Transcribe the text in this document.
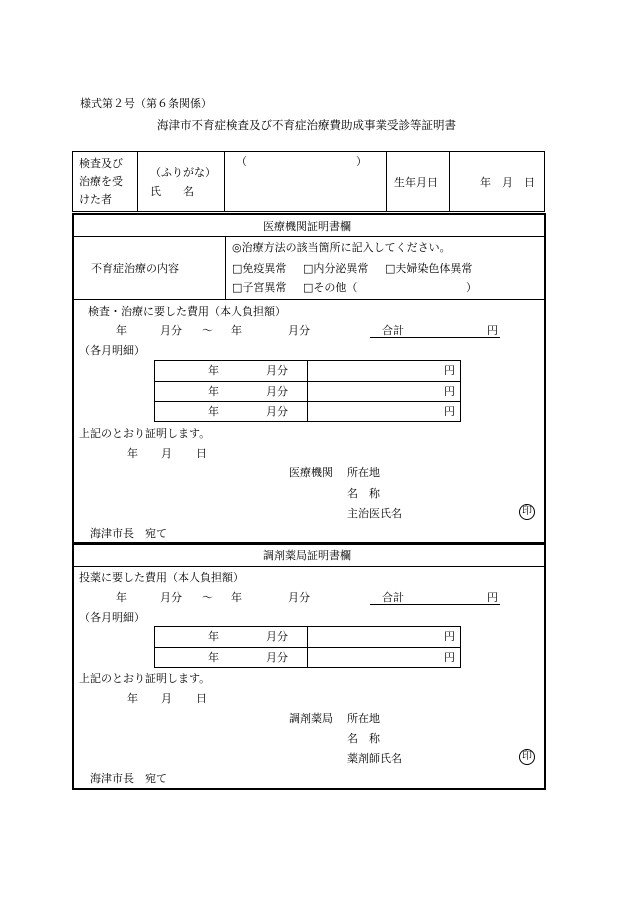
様式第２号（第６条関係）
海津市不育症検査及び不育症治療費助成事業受診等証明書
検査及び
治療を受
けた者
（ふりがな）
氏　　名
（	）
生年月日	年　月　日
医療機関証明書欄
不育症治療の内容
◎治療方法の該当箇所に記入してください。
□免疫異常 □内分泌異常 □夫婦染色体異常
□子宮異常 □その他（	）
検査・治療に要した費用（本人負担額）
年	月分 ～ 年	月分	合計	円
（各月明細）
年	月分	円
年	月分	円
年	月分	円
上記のとおり証明します。
年 月 日
医療機関 所在地
名　称
主治医氏名	印
海津市長　宛て
調剤薬局証明書欄
投薬に要した費用（本人負担額）
年	月分 ～ 年	月分	合計	円
（各月明細）
年	月分	円
年	月分	円
上記のとおり証明します。
年 月 日
調剤薬局 所在地
名　称
薬剤師氏名	印
海津市長　宛て
